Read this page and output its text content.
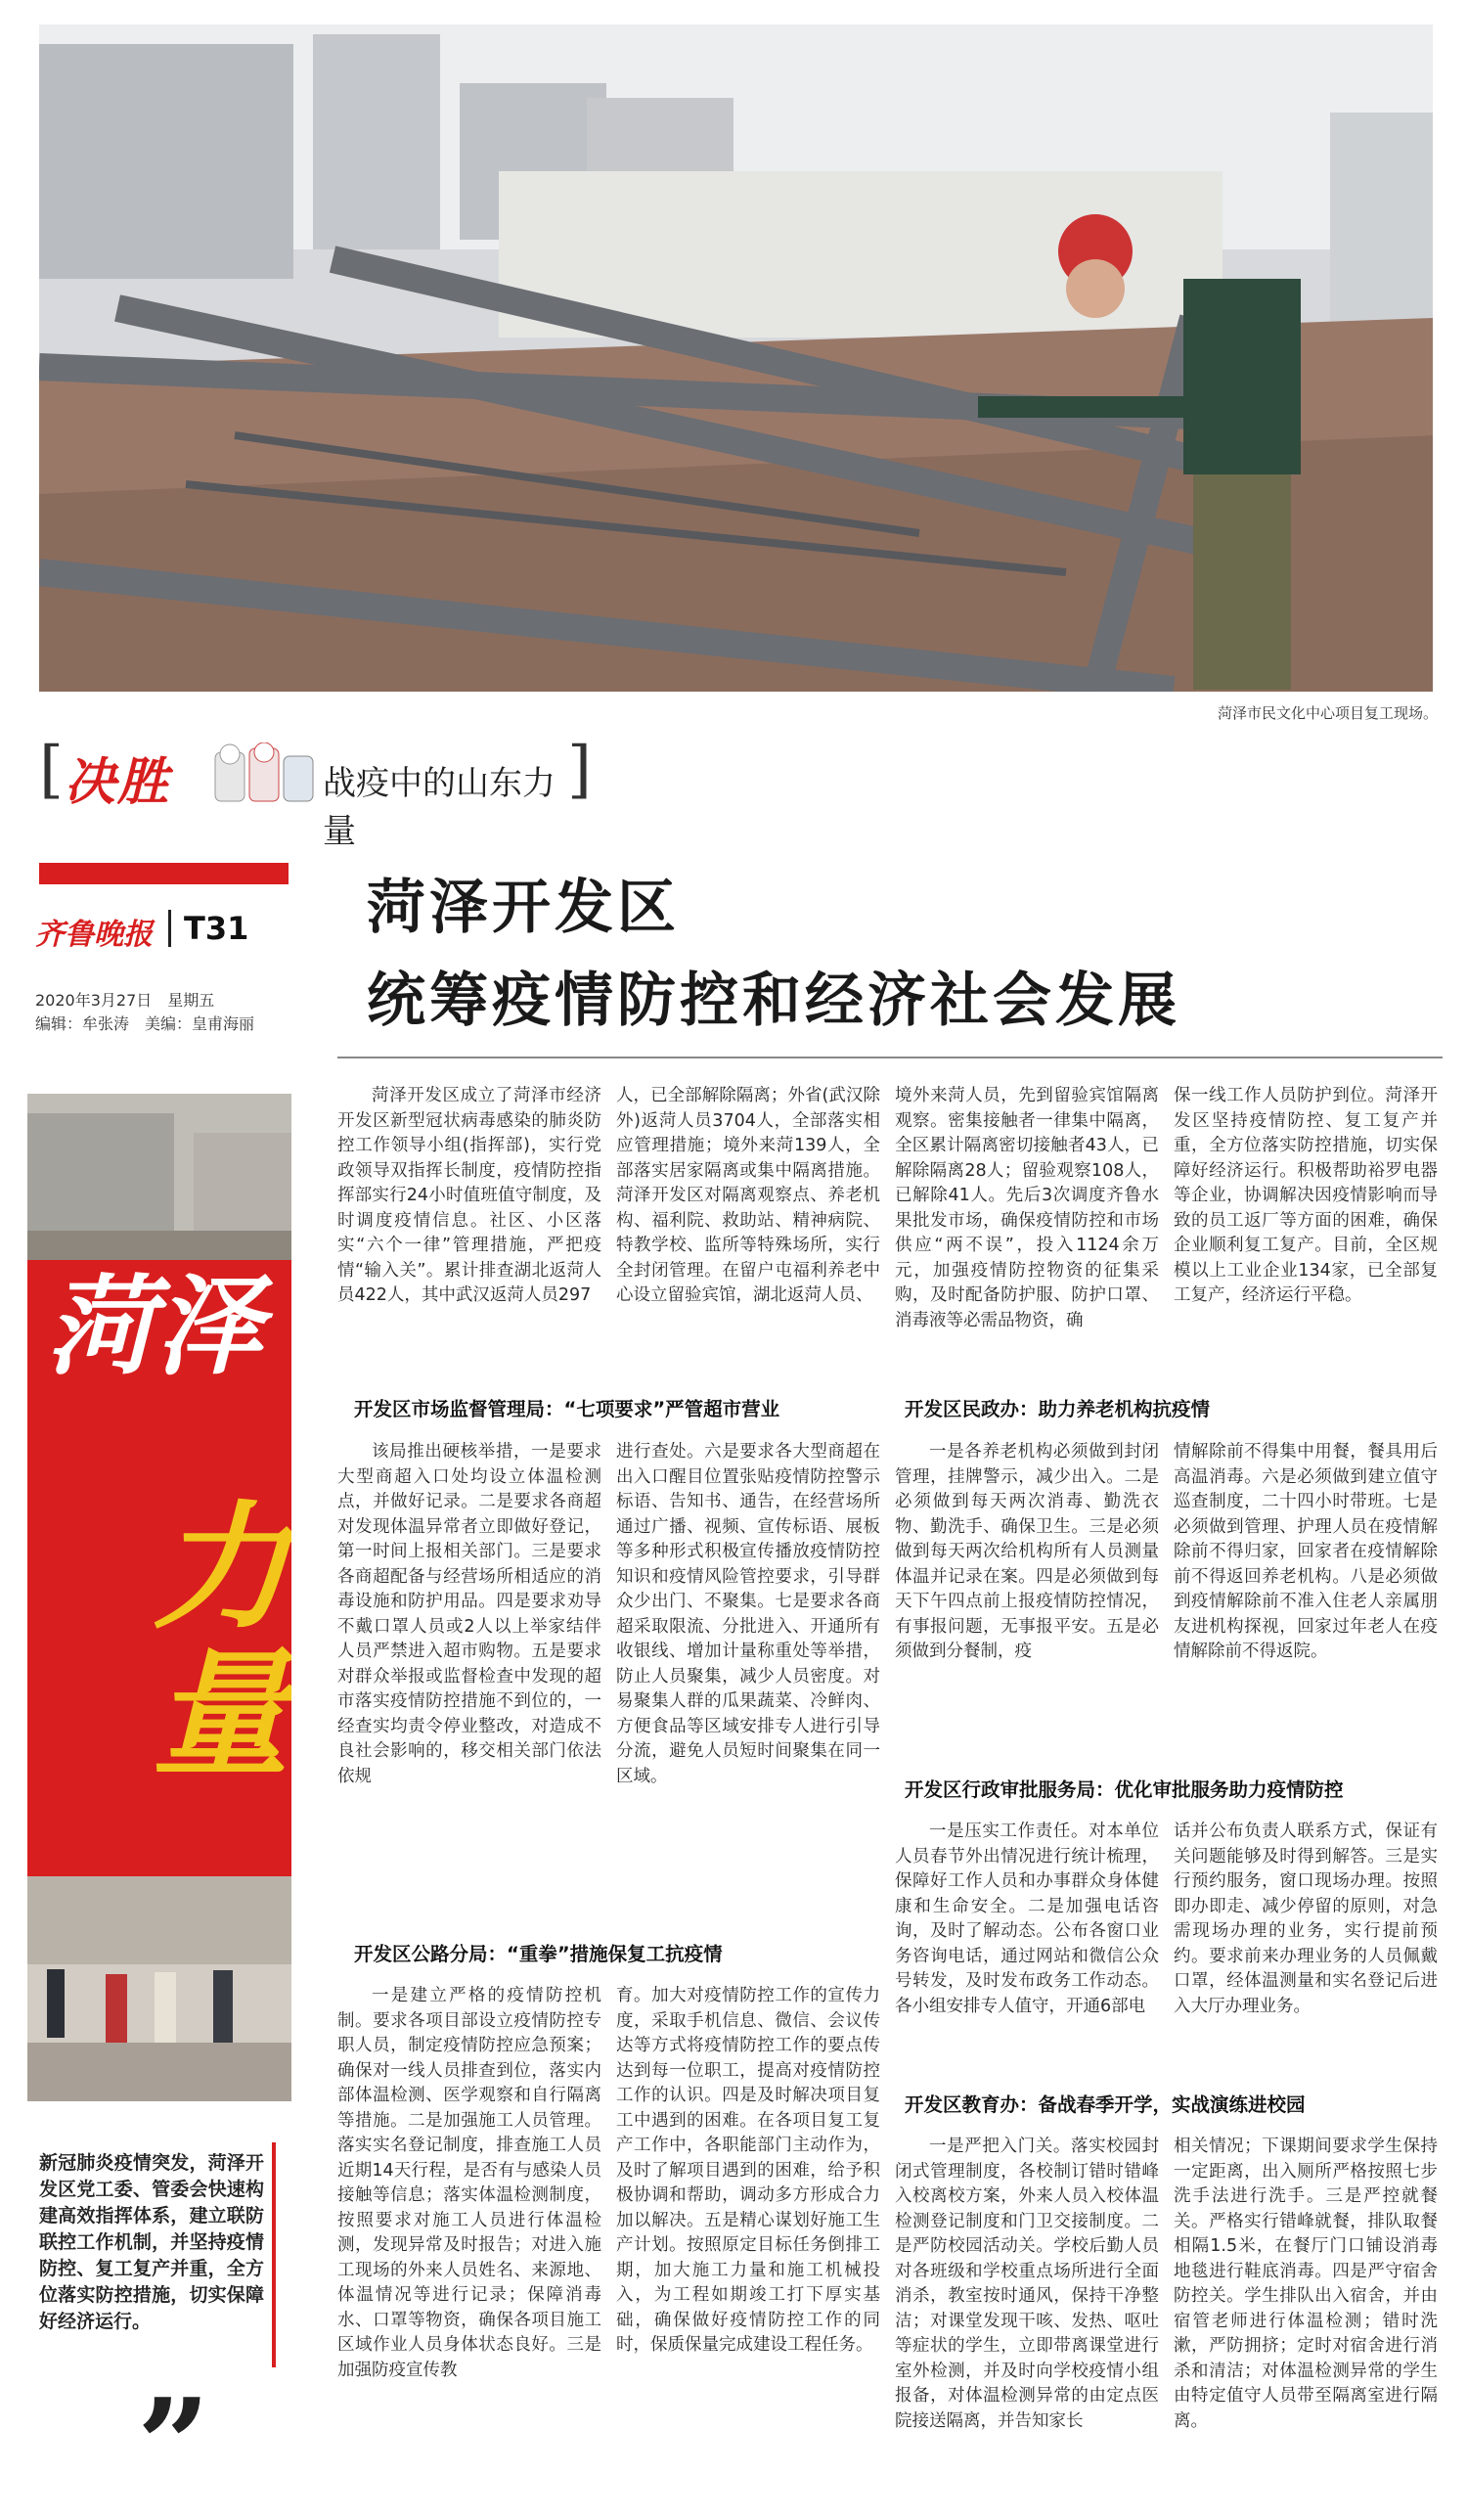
菏泽市民文化中心项目复工现场。
[ 决胜	战疫中的山东力量
]
齐鲁晚报 T31
2020年3月27日　星期五
编辑：牟张涛　美编：皇甫海丽
菏泽开发区
统筹疫情防控和经济社会发展
菏泽
力量
新冠肺炎疫情突发，菏泽开发区党工委、管委会快速构建高效指挥体系，建立联防联控工作机制，并坚持疫情防控、复工复产并重，全方位落实防控措施，切实保障好经济运行。
”

菏泽开发区成立了菏泽市经济开发区新型冠状病毒感染的肺炎防控工作领导小组(指挥部)，实行党政领导双指挥长制度，疫情防控指挥部实行24小时值班值守制度，及时调度疫情信息。社区、小区落实“六个一律”管理措施，严把疫情“输入关”。累计排查湖北返菏人员422人，其中武汉返菏人员297

人，已全部解除隔离；外省(武汉除外)返菏人员3704人，全部落实相应管理措施；境外来菏139人，全部落实居家隔离或集中隔离措施。菏泽开发区对隔离观察点、养老机构、福利院、救助站、精神病院、特教学校、监所等特殊场所，实行全封闭管理。在留户屯福利养老中心设立留验宾馆，湖北返菏人员、

境外来菏人员，先到留验宾馆隔离观察。密集接触者一律集中隔离，全区累计隔离密切接触者43人，已解除隔离28人；留验观察108人，已解除41人。先后3次调度齐鲁水果批发市场，确保疫情防控和市场供应“两不误”，投入1124余万元，加强疫情防控物资的征集采购，及时配备防护服、防护口罩、消毒液等必需品物资，确

保一线工作人员防护到位。菏泽开发区坚持疫情防控、复工复产并重，全方位落实防控措施，切实保障好经济运行。积极帮助裕罗电器等企业，协调解决因疫情影响而导致的员工返厂等方面的困难，确保企业顺利复工复产。目前，全区规模以上工业企业134家，已全部复工复产，经济运行平稳。

开发区市场监督管理局：“七项要求”严管超市营业

该局推出硬核举措，一是要求大型商超入口处均设立体温检测点，并做好记录。二是要求各商超对发现体温异常者立即做好登记，第一时间上报相关部门。三是要求各商超配备与经营场所相适应的消毒设施和防护用品。四是要求劝导不戴口罩人员或2人以上举家结伴人员严禁进入超市购物。五是要求对群众举报或监督检查中发现的超市落实疫情防控措施不到位的，一经查实均责令停业整改，对造成不良社会影响的，移交相关部门依法依规

进行查处。六是要求各大型商超在出入口醒目位置张贴疫情防控警示标语、告知书、通告，在经营场所通过广播、视频、宣传标语、展板等多种形式积极宣传播放疫情防控知识和疫情风险管控要求，引导群众少出门、不聚集。七是要求各商超采取限流、分批进入、开通所有收银线、增加计量称重处等举措，防止人员聚集，减少人员密度。对易聚集人群的瓜果蔬菜、冷鲜肉、方便食品等区域安排专人进行引导分流，避免人员短时间聚集在同一区域。

开发区公路分局：“重拳”措施保复工抗疫情

一是建立严格的疫情防控机制。要求各项目部设立疫情防控专职人员，制定疫情防控应急预案；确保对一线人员排查到位，落实内部体温检测、医学观察和自行隔离等措施。二是加强施工人员管理。落实实名登记制度，排查施工人员近期14天行程，是否有与感染人员接触等信息；落实体温检测制度，按照要求对施工人员进行体温检测，发现异常及时报告；对进入施工现场的外来人员姓名、来源地、体温情况等进行记录；保障消毒水、口罩等物资，确保各项目施工区域作业人员身体状态良好。三是加强防疫宣传教

育。加大对疫情防控工作的宣传力度，采取手机信息、微信、会议传达等方式将疫情防控工作的要点传达到每一位职工，提高对疫情防控工作的认识。四是及时解决项目复工中遇到的困难。在各项目复工复产工作中，各职能部门主动作为，及时了解项目遇到的困难，给予积极协调和帮助，调动多方形成合力加以解决。五是精心谋划好施工生产计划。按照原定目标任务倒排工期，加大施工力量和施工机械投入，为工程如期竣工打下厚实基础，确保做好疫情防控工作的同时，保质保量完成建设工程任务。

开发区民政办：助力养老机构抗疫情

一是各养老机构必须做到封闭管理，挂牌警示，减少出入。二是必须做到每天两次消毒、勤洗衣物、勤洗手、确保卫生。三是必须做到每天两次给机构所有人员测量体温并记录在案。四是必须做到每天下午四点前上报疫情防控情况，有事报问题，无事报平安。五是必须做到分餐制，疫

情解除前不得集中用餐，餐具用后高温消毒。六是必须做到建立值守巡查制度，二十四小时带班。七是必须做到管理、护理人员在疫情解除前不得归家，回家者在疫情解除前不得返回养老机构。八是必须做到疫情解除前不准入住老人亲属朋友进机构探视，回家过年老人在疫情解除前不得返院。

开发区行政审批服务局：优化审批服务助力疫情防控

一是压实工作责任。对本单位人员春节外出情况进行统计梳理，保障好工作人员和办事群众身体健康和生命安全。二是加强电话咨询，及时了解动态。公布各窗口业务咨询电话，通过网站和微信公众号转发，及时发布政务工作动态。各小组安排专人值守，开通6部电

话并公布负责人联系方式，保证有关问题能够及时得到解答。三是实行预约服务，窗口现场办理。按照即办即走、减少停留的原则，对急需现场办理的业务，实行提前预约。要求前来办理业务的人员佩戴口罩，经体温测量和实名登记后进入大厅办理业务。

开发区教育办：备战春季开学，实战演练进校园

一是严把入门关。落实校园封闭式管理制度，各校制订错时错峰入校离校方案，外来人员入校体温检测登记制度和门卫交接制度。二是严防校园活动关。学校后勤人员对各班级和学校重点场所进行全面消杀，教室按时通风，保持干净整洁；对课堂发现干咳、发热、呕吐等症状的学生，立即带离课堂进行室外检测，并及时向学校疫情小组报备，对体温检测异常的由定点医院接送隔离，并告知家长

相关情况；下课期间要求学生保持一定距离，出入厕所严格按照七步洗手法进行洗手。三是严控就餐关。严格实行错峰就餐，排队取餐相隔1.5米，在餐厅门口铺设消毒地毯进行鞋底消毒。四是严守宿舍防控关。学生排队出入宿舍，并由宿管老师进行体温检测；错时洗漱，严防拥挤；定时对宿舍进行消杀和清洁；对体温检测异常的学生由特定值守人员带至隔离室进行隔离。
